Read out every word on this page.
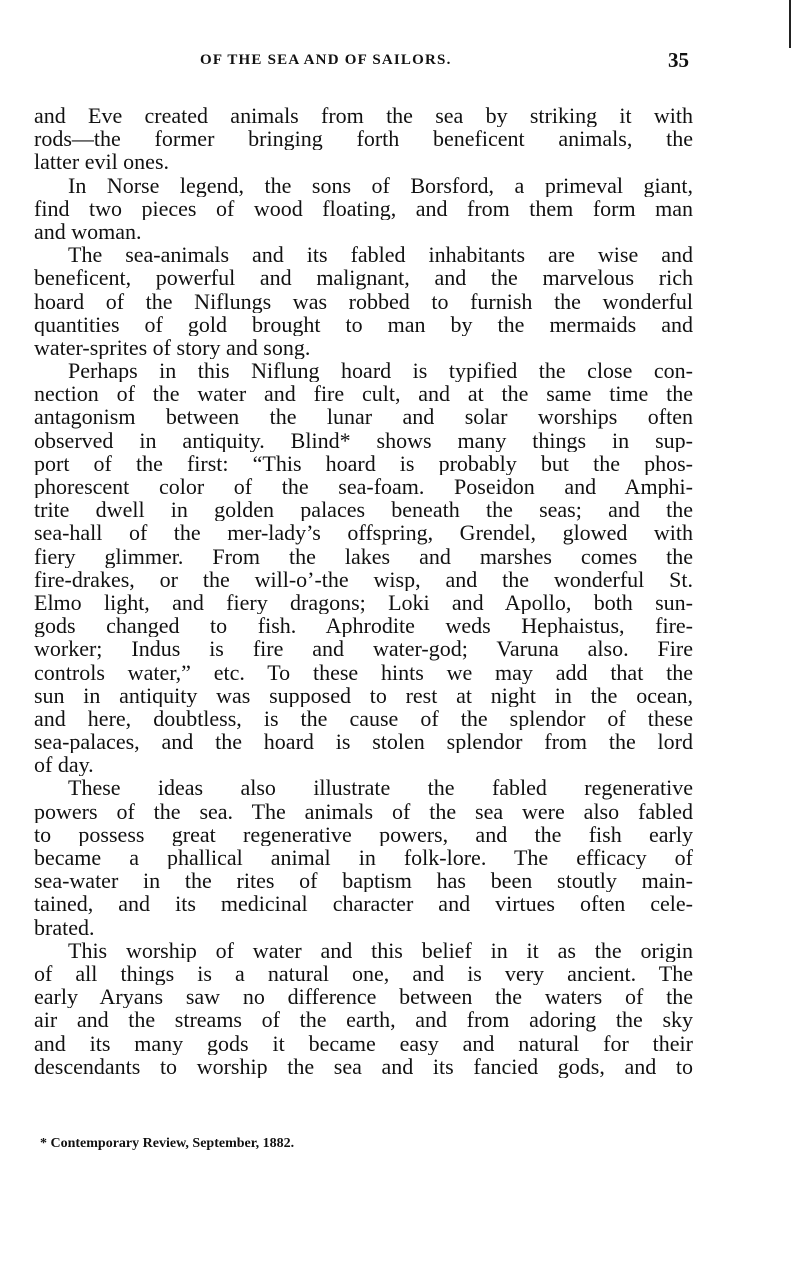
OF THE SEA AND OF SAILORS.	35
and Eve created animals from the sea by striking it with
rods—the former bringing forth beneficent animals, the
latter evil ones.
In Norse legend, the sons of Borsford, a primeval giant,
find two pieces of wood floating, and from them form man
and woman.
The sea-animals and its fabled inhabitants are wise and
beneficent, powerful and malignant, and the marvelous rich
hoard of the Niflungs was robbed to furnish the wonderful
quantities of gold brought to man by the mermaids and
water-sprites of story and song.
Perhaps in this Niflung hoard is typified the close con-
nection of the water and fire cult, and at the same time the
antagonism between the lunar and solar worships often
observed in antiquity. Blind* shows many things in sup-
port of the first: “This hoard is probably but the phos-
phorescent color of the sea-foam. Poseidon and Amphi-
trite dwell in golden palaces beneath the seas; and the
sea-hall of the mer-lady’s offspring, Grendel, glowed with
fiery glimmer. From the lakes and marshes comes the
fire-drakes, or the will-o’-the wisp, and the wonderful St.
Elmo light, and fiery dragons; Loki and Apollo, both sun-
gods changed to fish. Aphrodite weds Hephaistus, fire-
worker; Indus is fire and water-god; Varuna also. Fire
controls water,” etc. To these hints we may add that the
sun in antiquity was supposed to rest at night in the ocean,
and here, doubtless, is the cause of the splendor of these
sea-palaces, and the hoard is stolen splendor from the lord
of day.
These ideas also illustrate the fabled regenerative
powers of the sea. The animals of the sea were also fabled
to possess great regenerative powers, and the fish early
became a phallical animal in folk-lore. The efficacy of
sea-water in the rites of baptism has been stoutly main-
tained, and its medicinal character and virtues often cele-
brated.
This worship of water and this belief in it as the origin
of all things is a natural one, and is very ancient. The
early Aryans saw no difference between the waters of the
air and the streams of the earth, and from adoring the sky
and its many gods it became easy and natural for their
descendants to worship the sea and its fancied gods, and to
* Contemporary Review, September, 1882.
